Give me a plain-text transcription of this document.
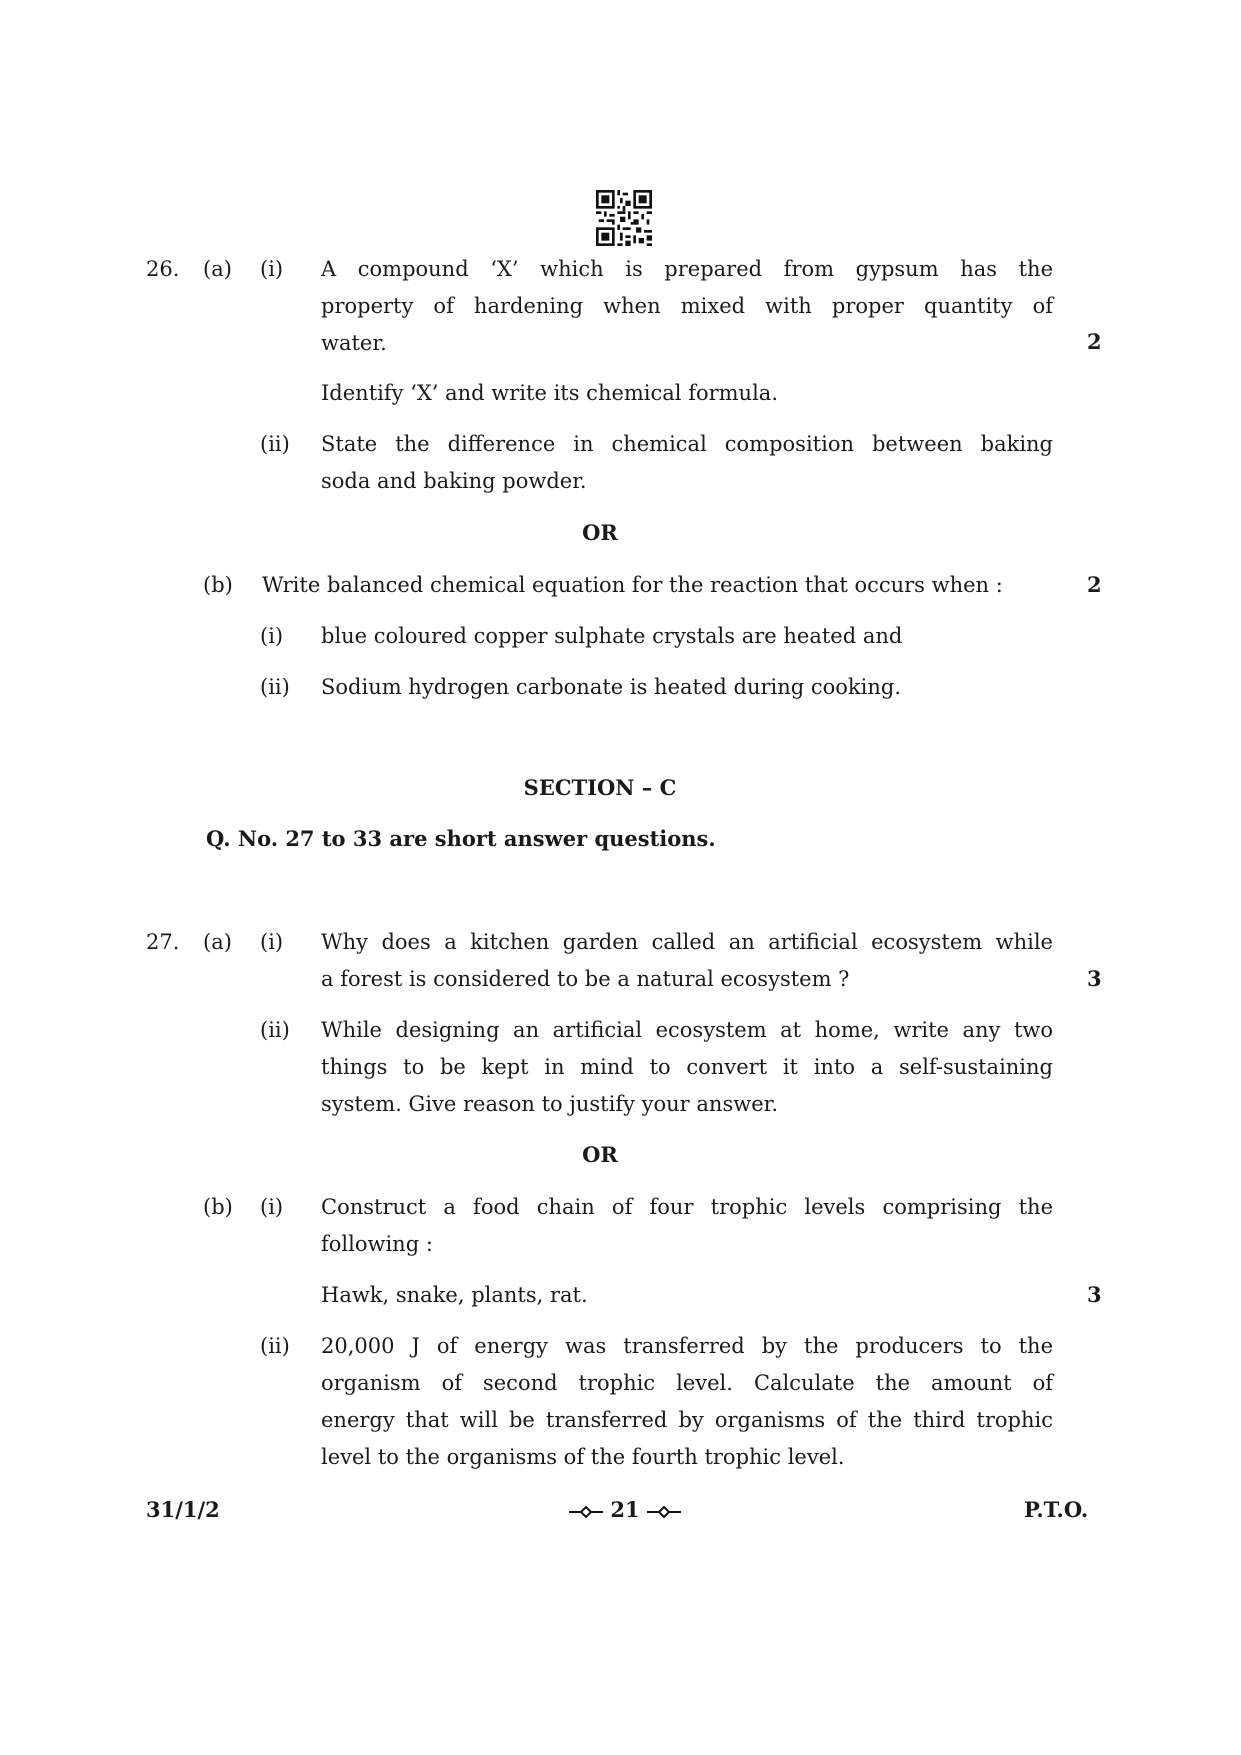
26. (a) (i) A compound ‘X’ which is prepared from gypsum has the
property of hardening when mixed with proper quantity of
water.	2
Identify ‘X’ and write its chemical formula.
(ii) State the difference in chemical composition between baking
soda and baking powder.
OR
(b) Write balanced chemical equation for the reaction that occurs when :	2
(i) blue coloured copper sulphate crystals are heated and
(ii) Sodium hydrogen carbonate is heated during cooking.
SECTION – C
Q. No. 27 to 33 are short answer questions.
27. (a) (i) Why does a kitchen garden called an artificial ecosystem while
a forest is considered to be a natural ecosystem ?	3
(ii) While designing an artificial ecosystem at home, write any two
things to be kept in mind to convert it into a self-sustaining
system. Give reason to justify your answer.
OR
(b) (i) Construct a food chain of four trophic levels comprising the
following :
Hawk, snake, plants, rat.	3
(ii) 20,000 J of energy was transferred by the producers to the
organism of second trophic level. Calculate the amount of
energy that will be transferred by organisms of the third trophic
level to the organisms of the fourth trophic level.
31/1/2	21	P.T.O.
